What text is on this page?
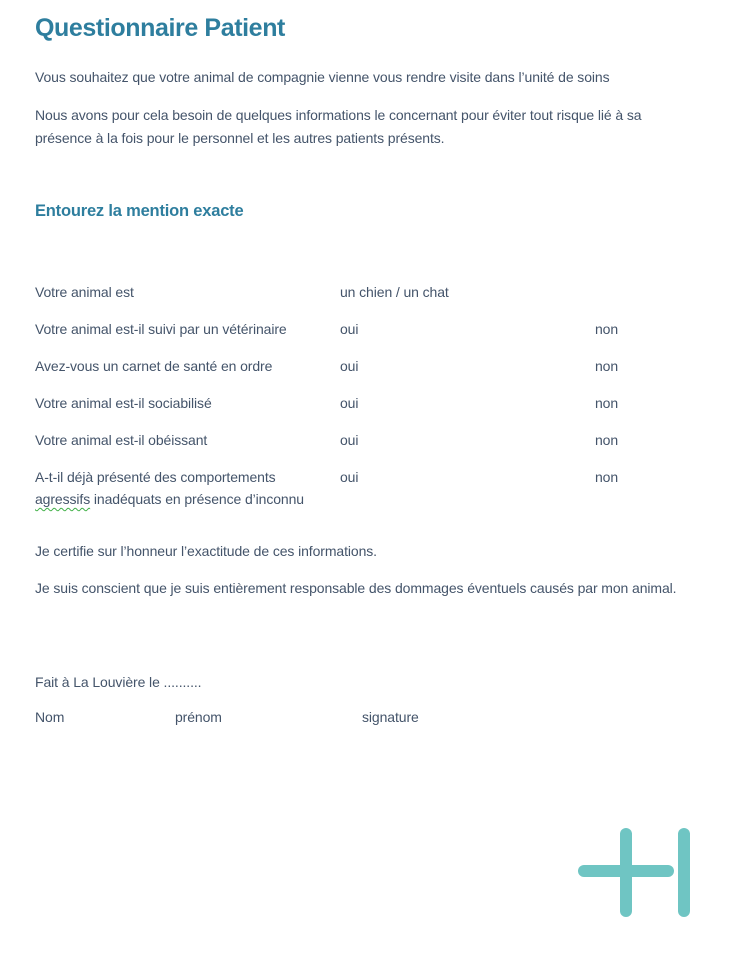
Questionnaire Patient

Vous souhaitez que votre animal de compagnie vienne vous rendre visite dans l’unité de soins

Nous avons pour cela besoin de quelques informations le concernant pour éviter tout risque lié à sa présence à la fois pour le personnel et les autres patients présents.

Entourez la mention exacte
Votre animal est	un chien / un chat
Votre animal est-il suivi par un vétérinaire	oui	non
Avez-vous un carnet de santé en ordre	oui	non
Votre animal est-il sociabilisé	oui	non
Votre animal est-il obéissant	oui	non
A-t-il déjà présenté des comportements
agressifs inadéquats en présence d’inconnu
oui	non

Je certifie sur l’honneur l’exactitude de ces informations.

Je suis conscient que je suis entièrement responsable des dommages éventuels causés par mon animal.

Fait à La Louvière le ..........

Nom	prénom	signature
